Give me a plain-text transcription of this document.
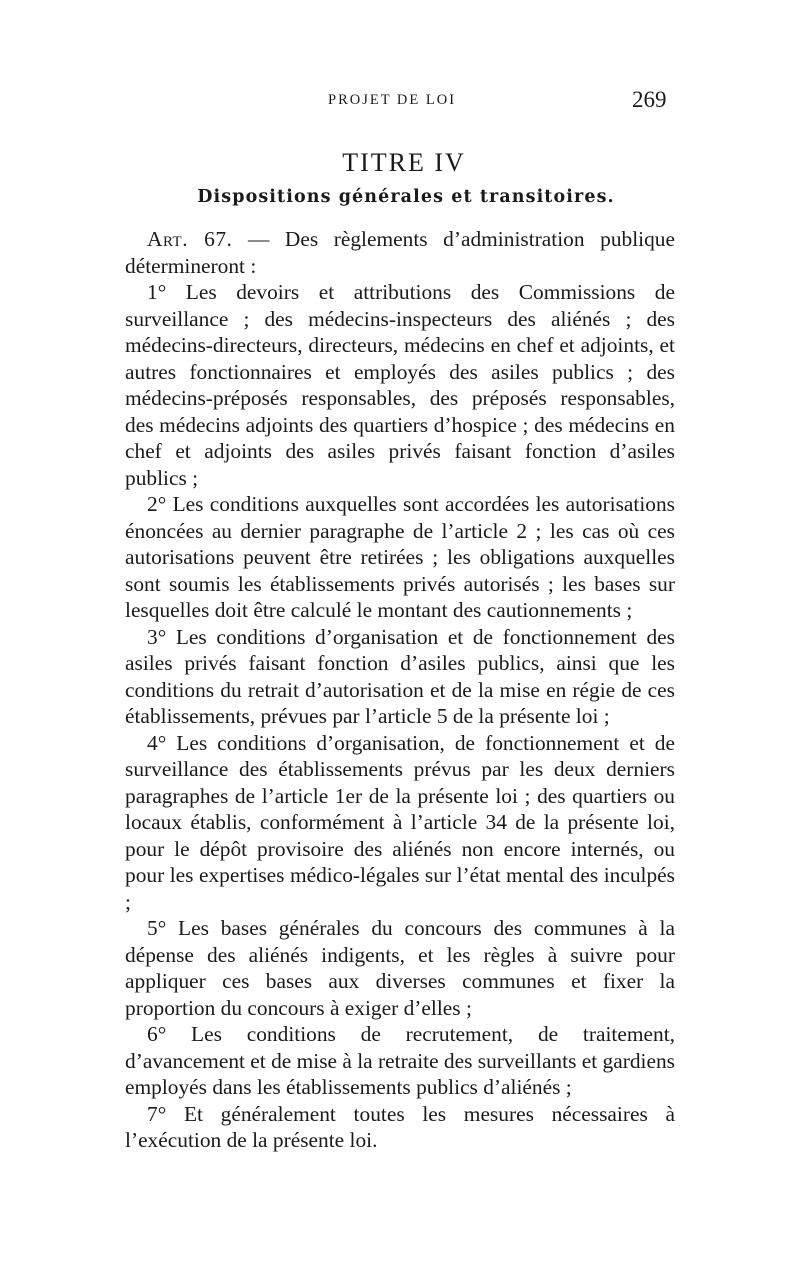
PROJET DE LOI	269
TITRE IV
Dispositions générales et transitoires.

Art. 67. — Des règlements d’administration publique détermineront :

1° Les devoirs et attributions des Commissions de surveillance ; des médecins-inspecteurs des aliénés ; des médecins-directeurs, directeurs, médecins en chef et adjoints, et autres fonctionnaires et employés des asiles publics ; des médecins-préposés responsables, des préposés responsables, des médecins adjoints des quartiers d’hospice ; des médecins en chef et adjoints des asiles privés faisant fonction d’asiles publics ;

2° Les conditions auxquelles sont accordées les autorisations énoncées au dernier paragraphe de l’article 2 ; les cas où ces autorisations peuvent être retirées ; les obligations auxquelles sont soumis les établissements privés autorisés ; les bases sur lesquelles doit être calculé le montant des cautionnements ;

3° Les conditions d’organisation et de fonctionnement des asiles privés faisant fonction d’asiles publics, ainsi que les conditions du retrait d’autorisation et de la mise en régie de ces établissements, prévues par l’article 5 de la présente loi ;

4° Les conditions d’organisation, de fonctionnement et de surveillance des établissements prévus par les deux derniers paragraphes de l’article 1er de la présente loi ; des quartiers ou locaux établis, conformément à l’article 34 de la présente loi, pour le dépôt provisoire des aliénés non encore internés, ou pour les expertises médico-légales sur l’état mental des inculpés ;

5° Les bases générales du concours des communes à la dépense des aliénés indigents, et les règles à suivre pour appliquer ces bases aux diverses communes et fixer la proportion du concours à exiger d’elles ;

6° Les conditions de recrutement, de traitement, d’avancement et de mise à la retraite des surveillants et gardiens employés dans les établissements publics d’aliénés ;

7° Et généralement toutes les mesures nécessaires à l’exécution de la présente loi.
